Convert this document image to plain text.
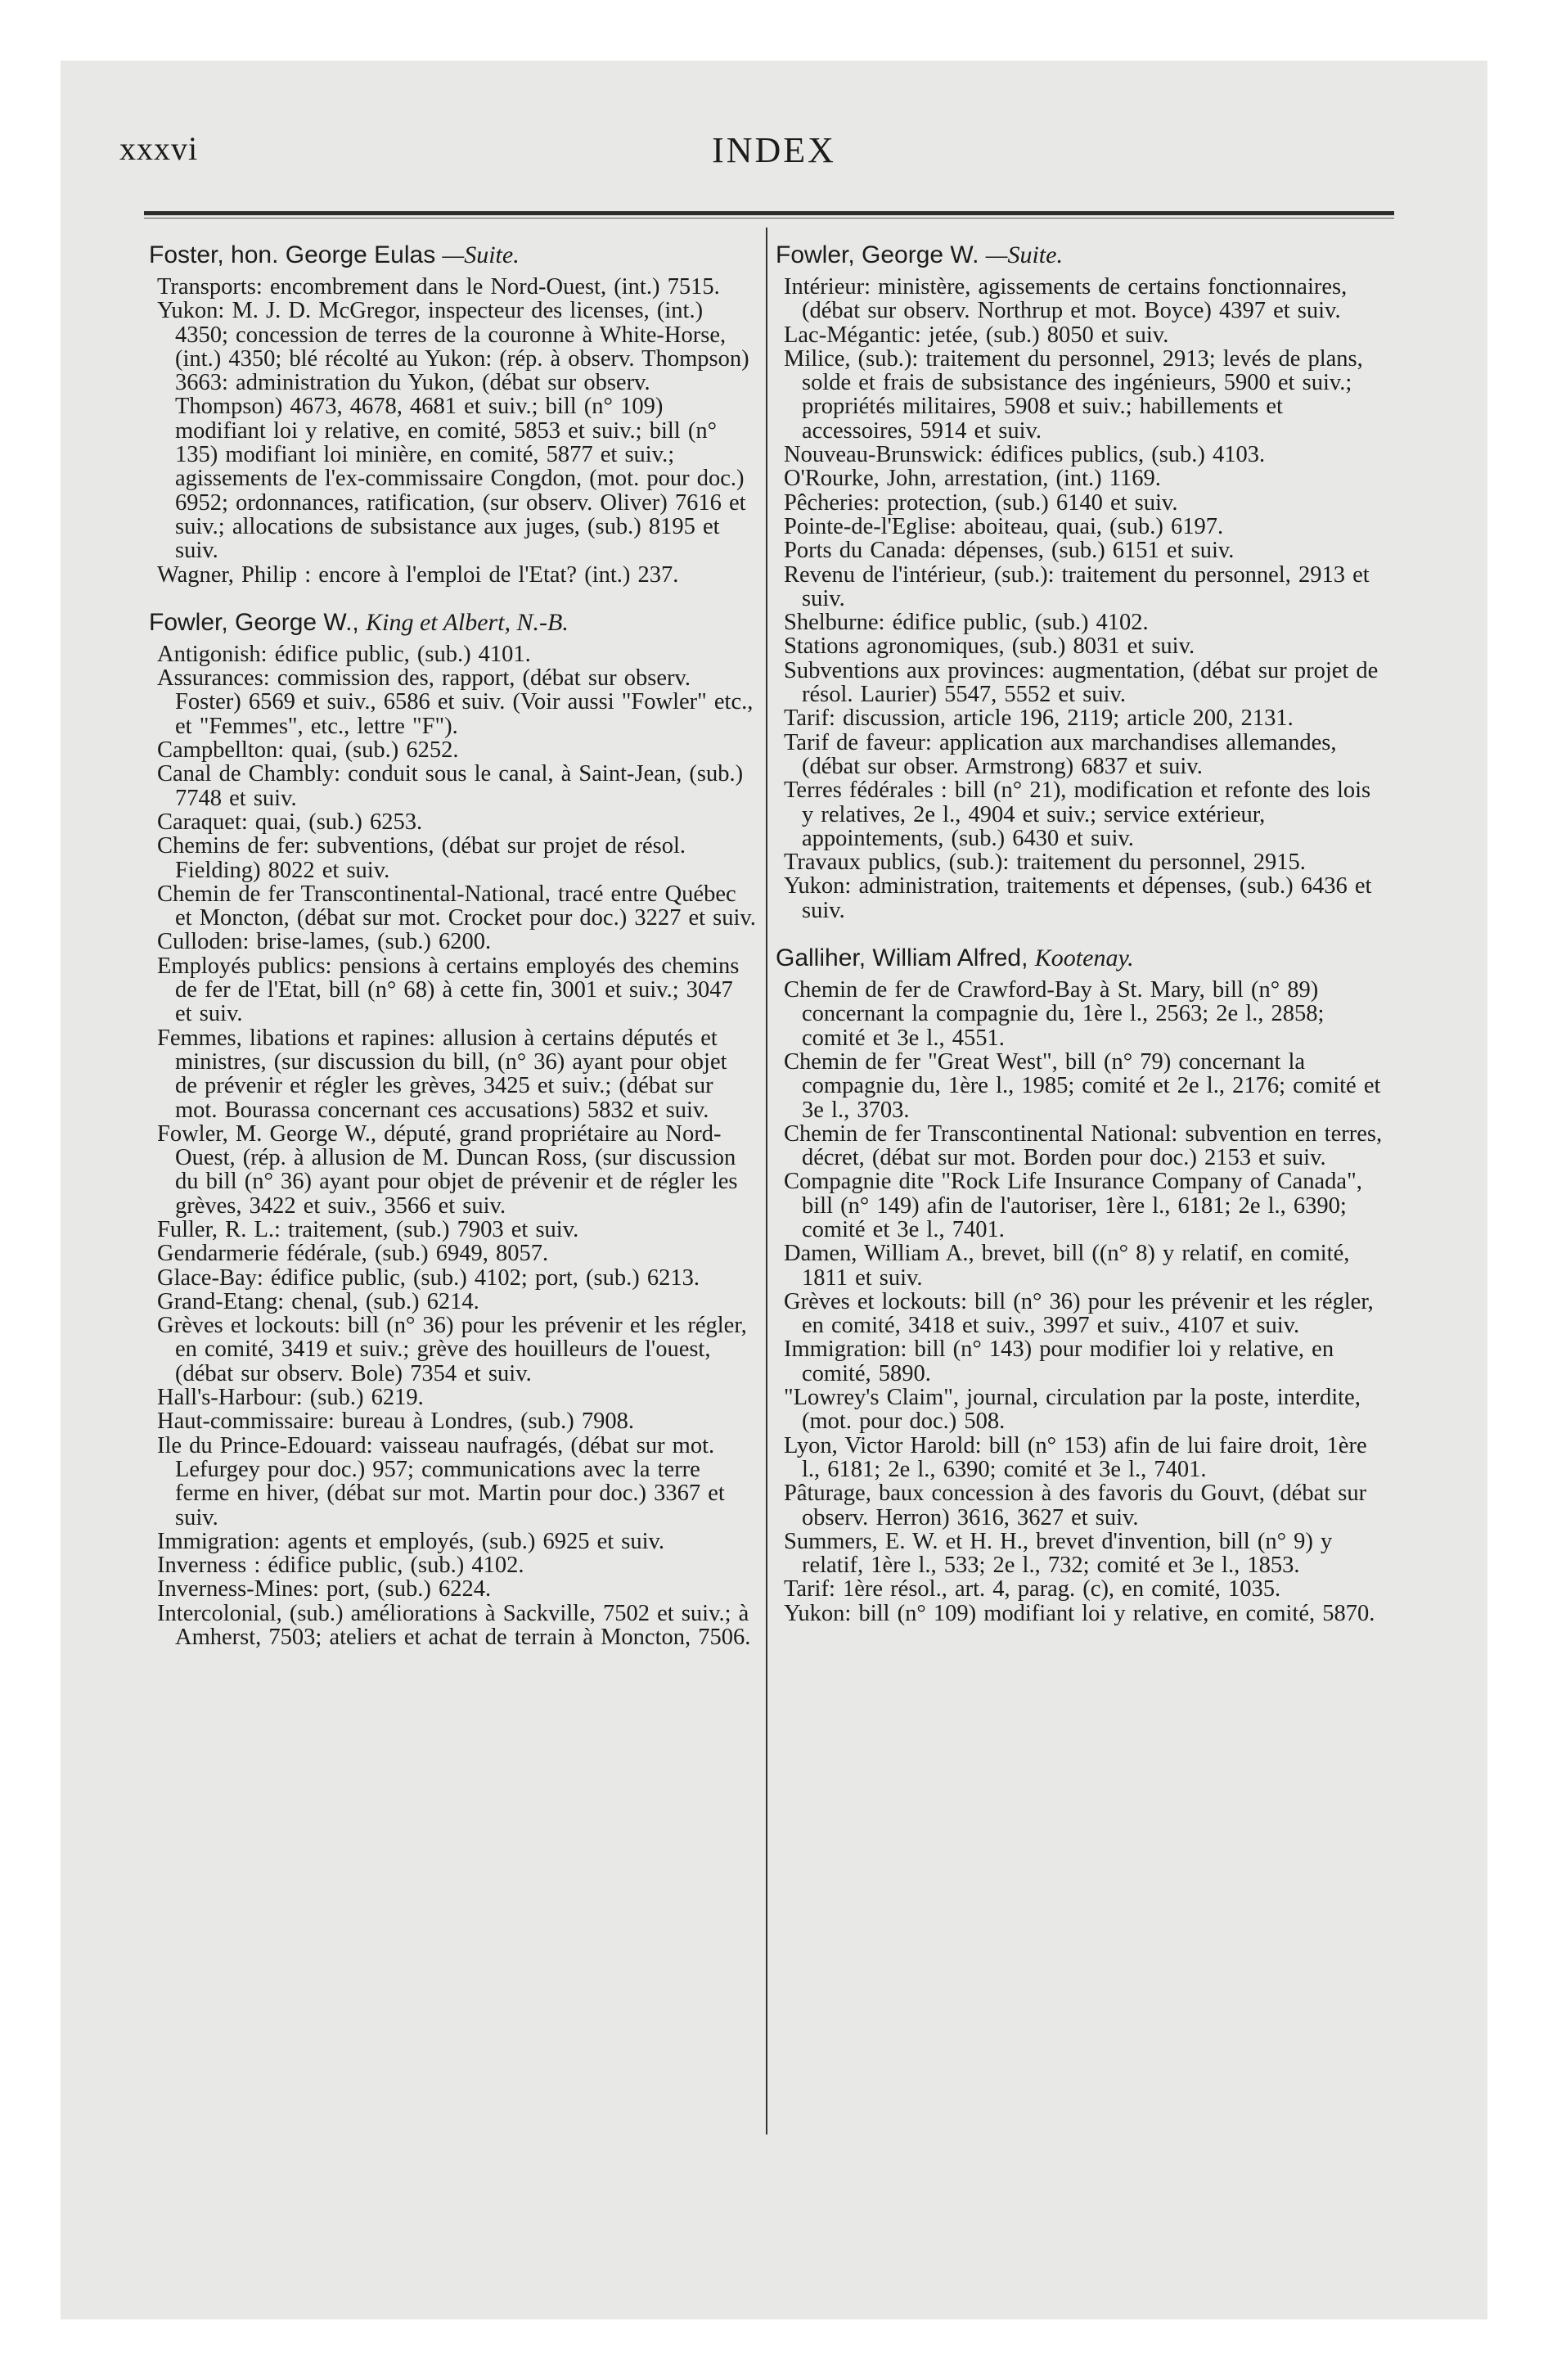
xxxvi	INDEX
Foster, hon. George Eulas —Suite.

Transports: encombrement dans le Nord-Ouest, (int.) 7515.

Yukon: M. J. D. McGregor, inspecteur des licenses, (int.) 4350; concession de terres de la couronne à White-Horse, (int.) 4350; blé récolté au Yukon: (rép. à observ. Thompson) 3663: administration du Yukon, (débat sur observ. Thompson) 4673, 4678, 4681 et suiv.; bill (n° 109) modifiant loi y relative, en comité, 5853 et suiv.; bill (n° 135) modifiant loi minière, en comité, 5877 et suiv.; agissements de l'ex-commissaire Congdon, (mot. pour doc.) 6952; ordonnances, ratification, (sur observ. Oliver) 7616 et suiv.; allocations de subsistance aux juges, (sub.) 8195 et suiv.

Wagner, Philip : encore à l'emploi de l'Etat? (int.) 237.

Fowler, George W., King et Albert, N.-B.

Antigonish: édifice public, (sub.) 4101.

Assurances: commission des, rapport, (débat sur observ. Foster) 6569 et suiv., 6586 et suiv. (Voir aussi "Fowler" etc., et "Femmes", etc., lettre "F").

Campbellton: quai, (sub.) 6252.

Canal de Chambly: conduit sous le canal, à Saint-Jean, (sub.) 7748 et suiv.

Caraquet: quai, (sub.) 6253.

Chemins de fer: subventions, (débat sur projet de résol. Fielding) 8022 et suiv.

Chemin de fer Transcontinental-National, tracé entre Québec et Moncton, (débat sur mot. Crocket pour doc.) 3227 et suiv.

Culloden: brise-lames, (sub.) 6200.

Employés publics: pensions à certains employés des chemins de fer de l'Etat, bill (n° 68) à cette fin, 3001 et suiv.; 3047 et suiv.

Femmes, libations et rapines: allusion à certains députés et ministres, (sur discussion du bill, (n° 36) ayant pour objet de prévenir et régler les grèves, 3425 et suiv.; (débat sur mot. Bourassa concernant ces accusations) 5832 et suiv.

Fowler, M. George W., député, grand propriétaire au Nord-Ouest, (rép. à allusion de M. Duncan Ross, (sur discussion du bill (n° 36) ayant pour objet de prévenir et de régler les grèves, 3422 et suiv., 3566 et suiv.

Fuller, R. L.: traitement, (sub.) 7903 et suiv.

Gendarmerie fédérale, (sub.) 6949, 8057.

Glace-Bay: édifice public, (sub.) 4102; port, (sub.) 6213.

Grand-Etang: chenal, (sub.) 6214.

Grèves et lockouts: bill (n° 36) pour les prévenir et les régler, en comité, 3419 et suiv.; grève des houilleurs de l'ouest, (débat sur observ. Bole) 7354 et suiv.

Hall's-Harbour: (sub.) 6219.

Haut-commissaire: bureau à Londres, (sub.) 7908.

Ile du Prince-Edouard: vaisseau naufragés, (débat sur mot. Lefurgey pour doc.) 957; communications avec la terre ferme en hiver, (débat sur mot. Martin pour doc.) 3367 et suiv.

Immigration: agents et employés, (sub.) 6925 et suiv.

Inverness : édifice public, (sub.) 4102.

Inverness-Mines: port, (sub.) 6224.

Intercolonial, (sub.) améliorations à Sackville, 7502 et suiv.; à Amherst, 7503; ateliers et achat de terrain à Moncton, 7506.

Fowler, George W. —Suite.

Intérieur: ministère, agissements de certains fonctionnaires, (débat sur observ. Northrup et mot. Boyce) 4397 et suiv.

Lac-Mégantic: jetée, (sub.) 8050 et suiv.

Milice, (sub.): traitement du personnel, 2913; levés de plans, solde et frais de subsistance des ingénieurs, 5900 et suiv.; propriétés militaires, 5908 et suiv.; habillements et accessoires, 5914 et suiv.

Nouveau-Brunswick: édifices publics, (sub.) 4103.

O'Rourke, John, arrestation, (int.) 1169.

Pêcheries: protection, (sub.) 6140 et suiv.

Pointe-de-l'Eglise: aboiteau, quai, (sub.) 6197.

Ports du Canada: dépenses, (sub.) 6151 et suiv.

Revenu de l'intérieur, (sub.): traitement du personnel, 2913 et suiv.

Shelburne: édifice public, (sub.) 4102.

Stations agronomiques, (sub.) 8031 et suiv.

Subventions aux provinces: augmentation, (débat sur projet de résol. Laurier) 5547, 5552 et suiv.

Tarif: discussion, article 196, 2119; article 200, 2131.

Tarif de faveur: application aux marchandises allemandes, (débat sur obser. Armstrong) 6837 et suiv.

Terres fédérales : bill (n° 21), modification et refonte des lois y relatives, 2e l., 4904 et suiv.; service extérieur, appointements, (sub.) 6430 et suiv.

Travaux publics, (sub.): traitement du personnel, 2915.

Yukon: administration, traitements et dépenses, (sub.) 6436 et suiv.

Galliher, William Alfred, Kootenay.

Chemin de fer de Crawford-Bay à St. Mary, bill (n° 89) concernant la compagnie du, 1ère l., 2563; 2e l., 2858; comité et 3e l., 4551.

Chemin de fer "Great West", bill (n° 79) concernant la compagnie du, 1ère l., 1985; comité et 2e l., 2176; comité et 3e l., 3703.

Chemin de fer Transcontinental National: subvention en terres, décret, (débat sur mot. Borden pour doc.) 2153 et suiv.

Compagnie dite "Rock Life Insurance Company of Canada", bill (n° 149) afin de l'autoriser, 1ère l., 6181; 2e l., 6390; comité et 3e l., 7401.

Damen, William A., brevet, bill ((n° 8) y relatif, en comité, 1811 et suiv.

Grèves et lockouts: bill (n° 36) pour les prévenir et les régler, en comité, 3418 et suiv., 3997 et suiv., 4107 et suiv.

Immigration: bill (n° 143) pour modifier loi y relative, en comité, 5890.

"Lowrey's Claim", journal, circulation par la poste, interdite, (mot. pour doc.) 508.

Lyon, Victor Harold: bill (n° 153) afin de lui faire droit, 1ère l., 6181; 2e l., 6390; comité et 3e l., 7401.

Pâturage, baux concession à des favoris du Gouvt, (débat sur observ. Herron) 3616, 3627 et suiv.

Summers, E. W. et H. H., brevet d'invention, bill (n° 9) y relatif, 1ère l., 533; 2e l., 732; comité et 3e l., 1853.

Tarif: 1ère résol., art. 4, parag. (c), en comité, 1035.

Yukon: bill (n° 109) modifiant loi y relative, en comité, 5870.
